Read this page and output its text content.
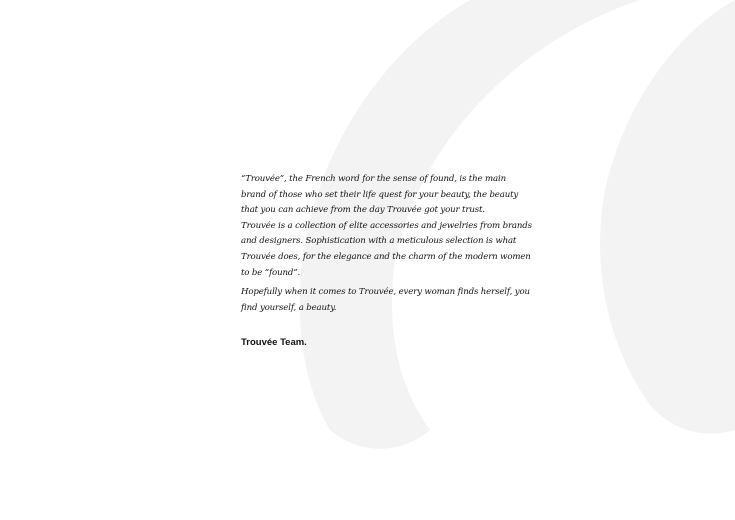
“Trouvée”, the French word for the sense of found, is the main
brand of those who set their life quest for your beauty, the beauty
that you can achieve from the day Trouvée got your trust.
Trouvée is a collection of elite accessories and jewelries from brands
and designers. Sophistication with a meticulous selection is what
Trouvée does, for the elegance and the charm of the modern women
to be “found”.

Hopefully when it comes to Trouvée, every woman finds herself, you
find yourself, a beauty.

Trouvée Team.
